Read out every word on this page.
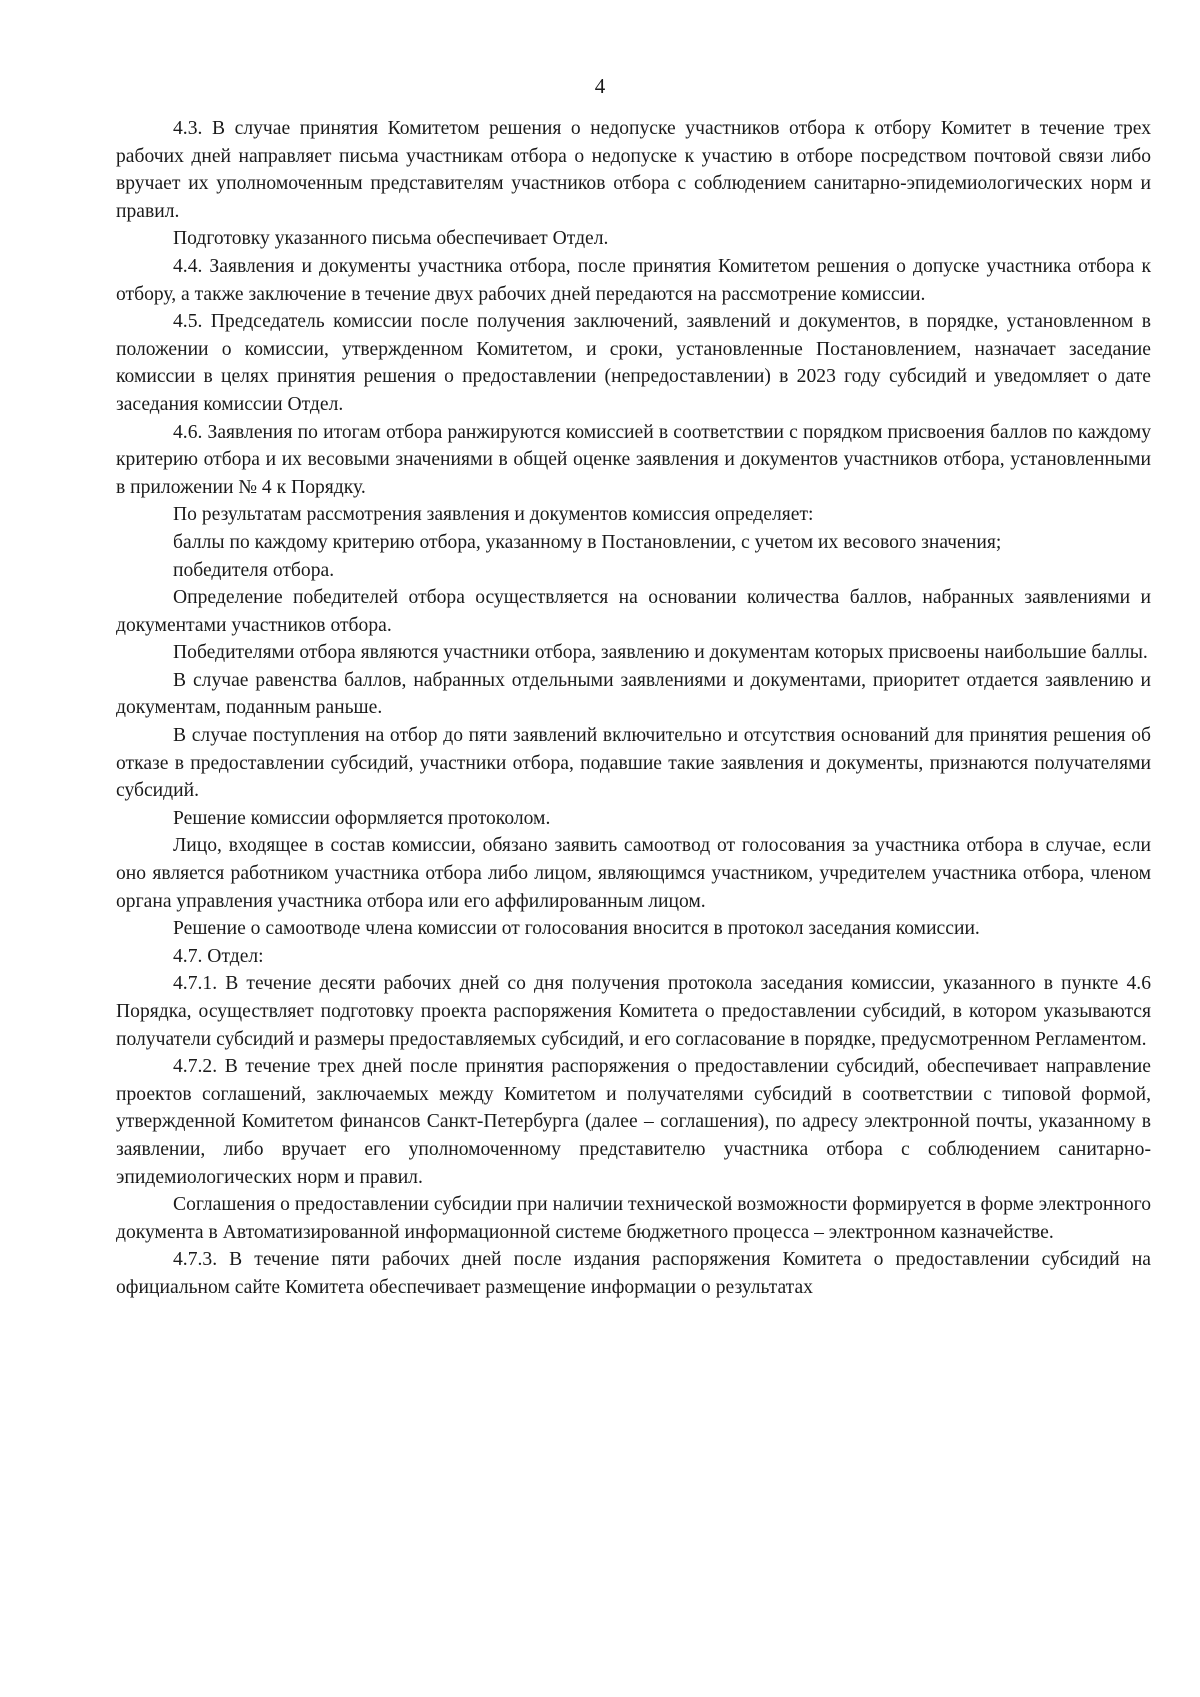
4

4.3. В случае принятия Комитетом решения о недопуске участников отбора к отбору Комитет в течение трех рабочих дней направляет письма участникам отбора о недопуске к участию в отборе посредством почтовой связи либо вручает их уполномоченным представителям участников отбора с соблюдением санитарно-эпидемиологических норм и правил.

Подготовку указанного письма обеспечивает Отдел.

4.4. Заявления и документы участника отбора, после принятия Комитетом решения о допуске участника отбора к отбору, а также заключение в течение двух рабочих дней передаются на рассмотрение комиссии.

4.5. Председатель комиссии после получения заключений, заявлений и документов, в порядке, установленном в положении о комиссии, утвержденном Комитетом, и сроки, установленные Постановлением, назначает заседание комиссии в целях принятия решения о предоставлении (непредоставлении) в 2023 году субсидий и уведомляет о дате заседания комиссии Отдел.

4.6. Заявления по итогам отбора ранжируются комиссией в соответствии с порядком присвоения баллов по каждому критерию отбора и их весовыми значениями в общей оценке заявления и документов участников отбора, установленными в приложении № 4 к Порядку.

По результатам рассмотрения заявления и документов комиссия определяет:

баллы по каждому критерию отбора, указанному в Постановлении, с учетом их весового значения;

победителя отбора.

Определение победителей отбора осуществляется на основании количества баллов, набранных заявлениями и документами участников отбора.

Победителями отбора являются участники отбора, заявлению и документам которых присвоены наибольшие баллы.

В случае равенства баллов, набранных отдельными заявлениями и документами, приоритет отдается заявлению и документам, поданным раньше.

В случае поступления на отбор до пяти заявлений включительно и отсутствия оснований для принятия решения об отказе в предоставлении субсидий, участники отбора, подавшие такие заявления и документы, признаются получателями субсидий.

Решение комиссии оформляется протоколом.

Лицо, входящее в состав комиссии, обязано заявить самоотвод от голосования за участника отбора в случае, если оно является работником участника отбора либо лицом, являющимся участником, учредителем участника отбора, членом органа управления участника отбора или его аффилированным лицом.

Решение о самоотводе члена комиссии от голосования вносится в протокол заседания комиссии.

4.7. Отдел:

4.7.1. В течение десяти рабочих дней со дня получения протокола заседания комиссии, указанного в пункте 4.6 Порядка, осуществляет подготовку проекта распоряжения Комитета о предоставлении субсидий, в котором указываются получатели субсидий и размеры предоставляемых субсидий, и его согласование в порядке, предусмотренном Регламентом.

4.7.2. В течение трех дней после принятия распоряжения о предоставлении субсидий, обеспечивает направление проектов соглашений, заключаемых между Комитетом и получателями субсидий в соответствии с типовой формой, утвержденной Комитетом финансов Санкт-Петербурга (далее – соглашения), по адресу электронной почты, указанному в заявлении, либо вручает его уполномоченному представителю участника отбора с соблюдением санитарно-эпидемиологических норм и правил.

Соглашения о предоставлении субсидии при наличии технической возможности формируется в форме электронного документа в Автоматизированной информационной системе бюджетного процесса – электронном казначействе.

4.7.3. В течение пяти рабочих дней после издания распоряжения Комитета о предоставлении субсидий на официальном сайте Комитета обеспечивает размещение информации о результатах
